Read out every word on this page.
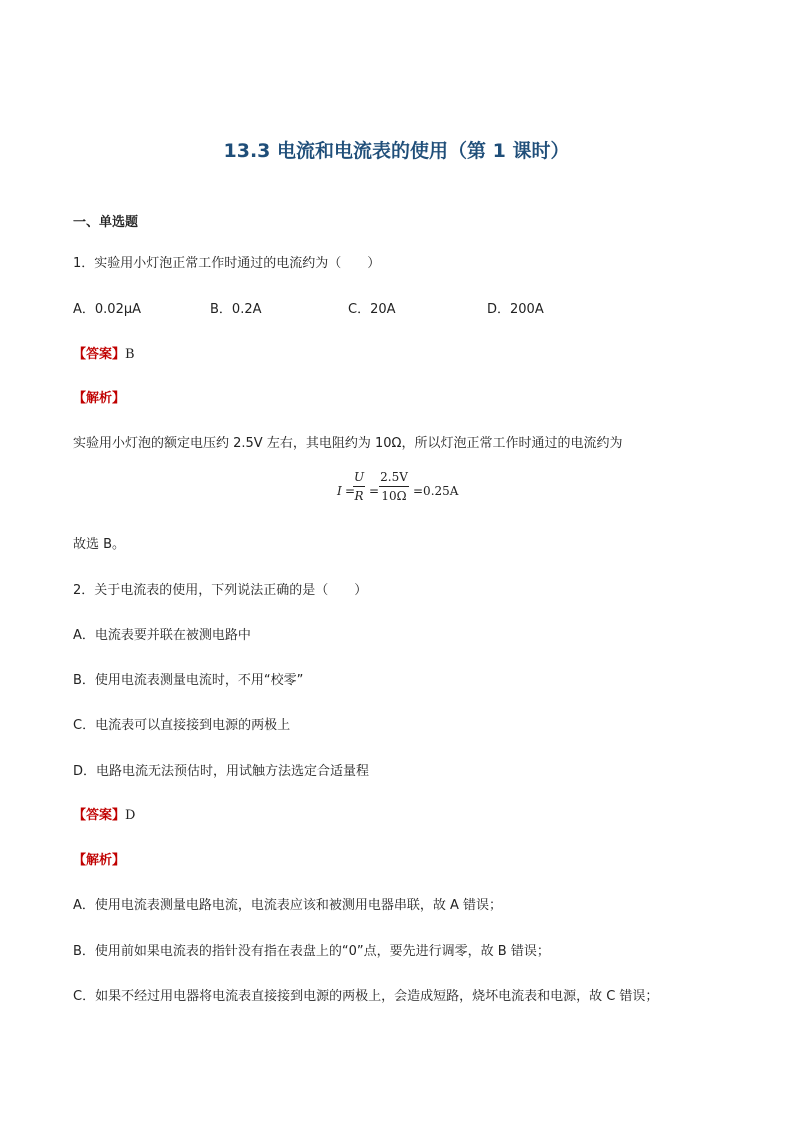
13.3 电流和电流表的使用（第 1 课时）
一、单选题
1．实验用小灯泡正常工作时通过的电流约为（　　）
A．0.02μA	B．0.2A	C．20A	D．200A
【答案】B
【解析】
实验用小灯泡的额定电压约 2.5V 左右，其电阻约为 10Ω，所以灯泡正常工作时通过的电流约为
I =
U
R =
2.5V
10Ω =0.25A
故选 B。
2．关于电流表的使用，下列说法正确的是（　　）
A．电流表要并联在被测电路中
B．使用电流表测量电流时，不用“校零”
C．电流表可以直接接到电源的两极上
D．电路电流无法预估时，用试触方法选定合适量程
【答案】D
【解析】
A．使用电流表测量电路电流，电流表应该和被测用电器串联，故 A 错误；
B．使用前如果电流表的指针没有指在表盘上的“0”点，要先进行调零，故 B 错误；
C．如果不经过用电器将电流表直接接到电源的两极上，会造成短路，烧坏电流表和电源，故 C 错误；
